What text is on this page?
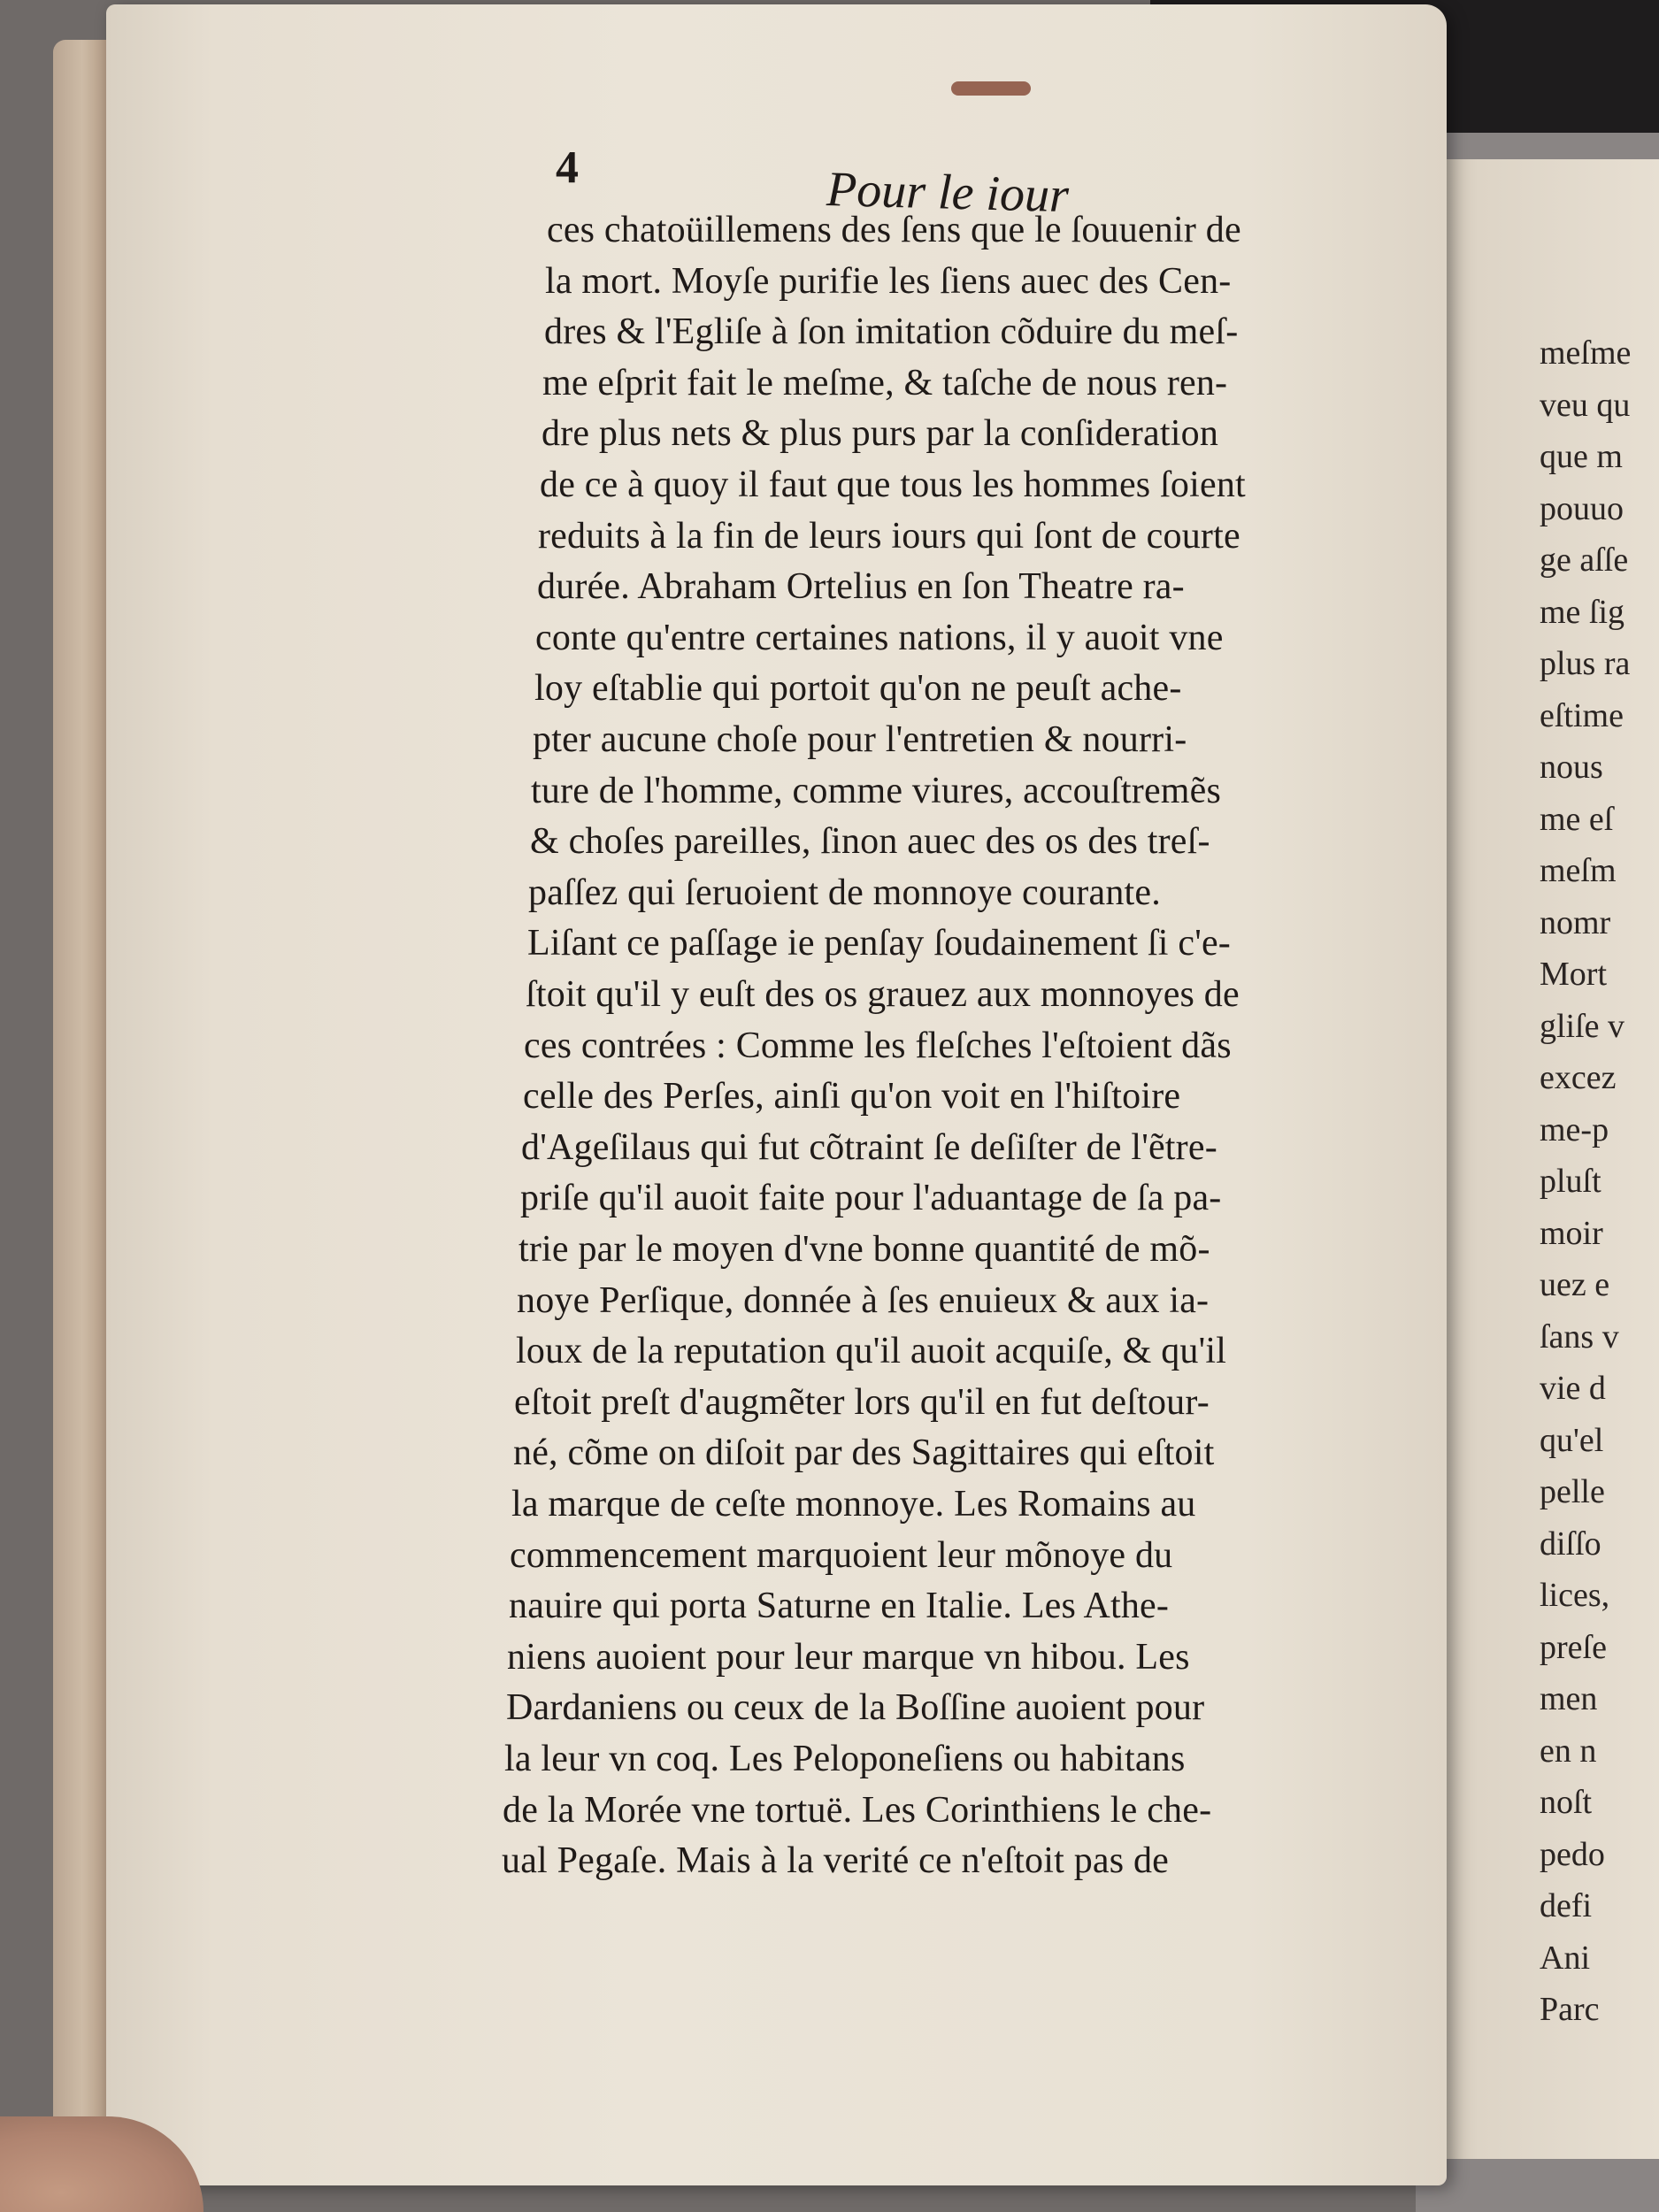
meſme
veu qu
que m
pouuo
ge aſſe
me ſig
plus ra
eſtime
nous
me eſ
meſm
nomr
Mort
gliſe v
excez
me-p
pluſt
moir
uez e
ſans v
vie d
qu'el
pelle
diſſo
lices,
preſe
men
en n
noſt
pedo
defi
Ani
Parc
4	Pour le iour
ces chatoüillemens des ſens que le ſouuenir de
la mort. Moyſe purifie les ſiens auec des Cen-
dres & l'Egliſe à ſon imitation cõduire du meſ-
me eſprit fait le meſme, & taſche de nous ren-
dre plus nets & plus purs par la conſideration
de ce à quoy il faut que tous les hommes ſoient
reduits à la fin de leurs iours qui ſont de courte
durée. Abraham Ortelius en ſon Theatre ra-
conte qu'entre certaines nations, il y auoit vne
loy eſtablie qui portoit qu'on ne peuſt ache-
pter aucune choſe pour l'entretien & nourri-
ture de l'homme, comme viures, accouſtremẽs
& choſes pareilles, ſinon auec des os des treſ-
paſſez qui ſeruoient de monnoye courante.
Liſant ce paſſage ie penſay ſoudainement ſi c'e-
ſtoit qu'il y euſt des os grauez aux monnoyes de
ces contrées : Comme les fleſches l'eſtoient dãs
celle des Perſes, ainſi qu'on voit en l'hiſtoire
d'Ageſilaus qui fut cõtraint ſe deſiſter de l'ẽtre-
priſe qu'il auoit faite pour l'aduantage de ſa pa-
trie par le moyen d'vne bonne quantité de mõ-
noye Perſique, donnée à ſes enuieux & aux ia-
loux de la reputation qu'il auoit acquiſe, & qu'il
eſtoit preſt d'augmẽter lors qu'il en fut deſtour-
né, cõme on diſoit par des Sagittaires qui eſtoit
la marque de ceſte monnoye. Les Romains au
commencement marquoient leur mõnoye du
nauire qui porta Saturne en Italie. Les Athe-
niens auoient pour leur marque vn hibou. Les
Dardaniens ou ceux de la Boſſine auoient pour
la leur vn coq. Les Peloponeſiens ou habitans
de la Morée vne tortuë. Les Corinthiens le che-
ual Pegaſe. Mais à la verité ce n'eſtoit pas de
